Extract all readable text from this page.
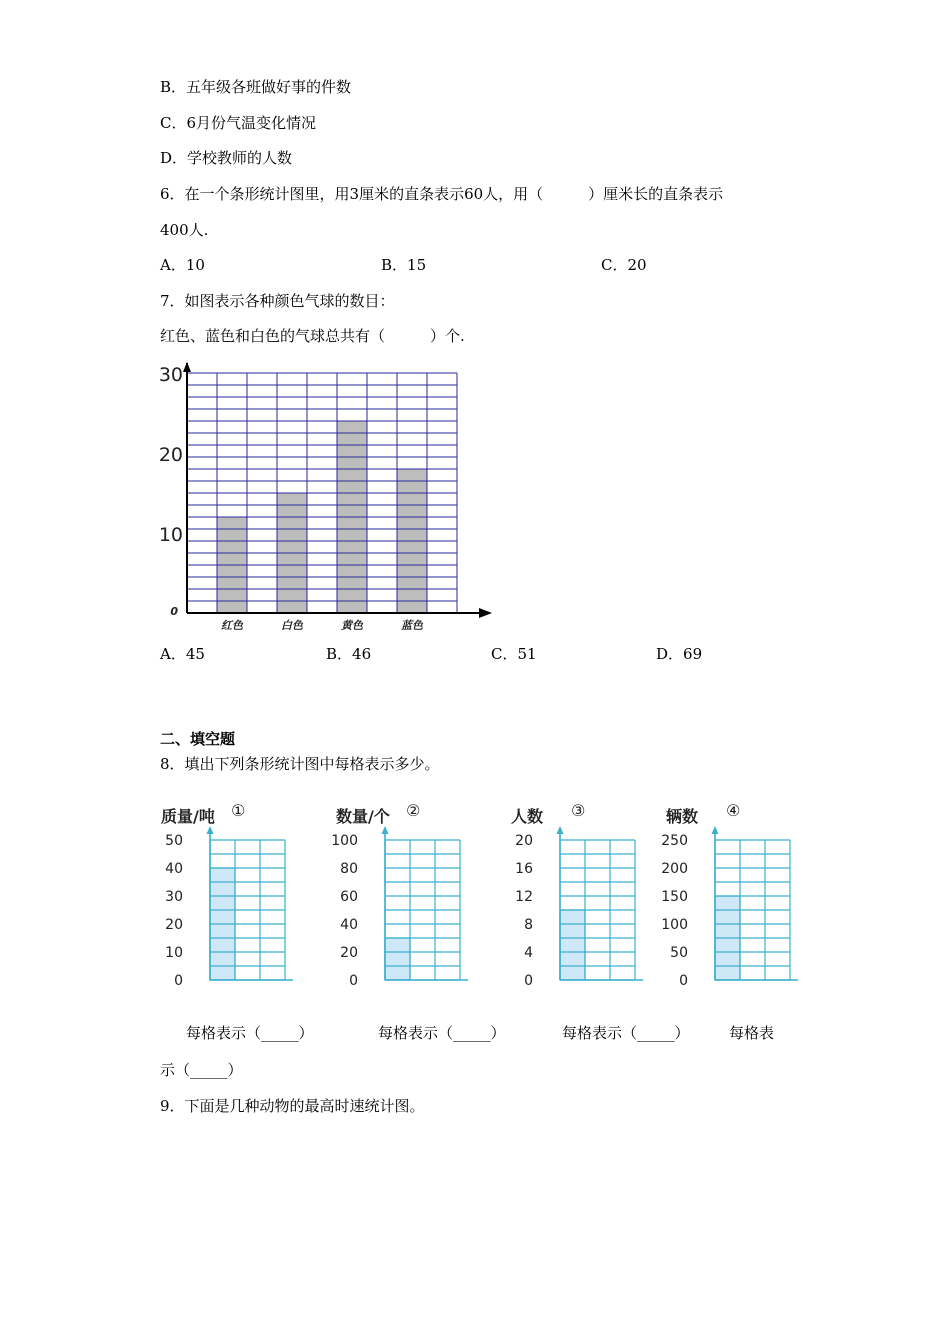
B．五年级各班做好事的件数
C．6月份气温变化情况
D．学校教师的人数
6．在一个条形统计图里，用3厘米的直条表示60人，用（　　　）厘米长的直条表示
400人.
A．10	B．15	C．20
7．如图表示各种颜色气球的数目：
红色、蓝色和白色的气球总共有（　　　）个.
0
10
20
30
红色	白色	黄色	蓝色
A．45	B．46	C．51	D．69
二、填空题
8．填出下列条形统计图中每格表示多少。
质量/吨 ①
0
10
20
30
40
50
数量/个 ②
0
20
40
60
80
100
人数 ③
0
4
8
12
16
20
辆数 ④
0
50
100
150
200
250
每格表示（_____）	每格表示（_____）	每格表示（_____）	每格表
示（_____）
9．下面是几种动物的最高时速统计图。
